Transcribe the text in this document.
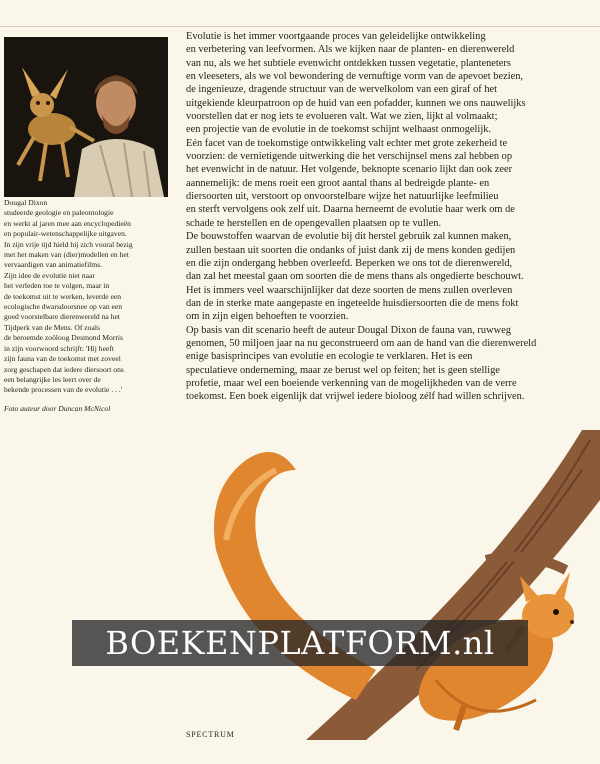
Dougal Dixon

studeerde geologie en paleontologie

en werkt al jaren mee aan encyclopedieën

en populair-wetenschappelijke uitgaven.

In zijn vrije tijd hield hij zich vooral bezig

met het maken van (dier)modellen en het

vervaardigen van animatiefilms.

Zijn idee de evolutie niet naar

het verleden toe te volgen, maar in

de toekomst uit te werken, leverde een

ecologische dwarsdoorsnee op van een

goed voorstelbare dierenwereld na het

Tijdperk van de Mens. Of zoals

de beroemde zoöloog Desmond Morris

in zijn voorwoord schrijft: 'Hij heeft

zijn fauna van de toekomst met zoveel

zorg geschapen dat iedere diersoort ons

een belangrijke les leert over de

bekende processen van de evolutie . . .'

Foto auteur door Duncan McNicol

Evolutie is het immer voortgaande proces van geleidelijke ontwikkeling

en verbetering van leefvormen. Als we kijken naar de planten- en dierenwereld

van nu, als we het subtiele evenwicht ontdekken tussen vegetatie, planteneters

en vleeseters, als we vol bewondering de vernuftige vorm van de apevoet bezien,

de ingenieuze, dragende structuur van de wervelkolom van een giraf of het

uitgekiende kleurpatroon op de huid van een pofadder, kunnen we ons nauwelijks

voorstellen dat er nog iets te evolueren valt. Wat we zien, lijkt al volmaakt;

een projectie van de evolutie in de toekomst schijnt welhaast onmogelijk.

Eén facet van de toekomstige ontwikkeling valt echter met grote zekerheid te

voorzien: de vernietigende uitwerking die het verschijnsel mens zal hebben op

het evenwicht in de natuur. Het volgende, beknopte scenario lijkt dan ook zeer

aannemelijk: de mens roeit een groot aantal thans al bedreigde plante- en

diersoorten uit, verstoort op onvoorstelbare wijze het natuurlijke leefmilieu

en sterft vervolgens ook zelf uit. Daarna herneemt de evolutie haar werk om de

schade te herstellen en de opengevallen plaatsen op te vullen.

De bouwstoffen waarvan de evolutie bij dit herstel gebruik zal kunnen maken,

zullen bestaan uit soorten die ondanks of juist dank zij de mens konden gedijen

en die zijn ondergang hebben overleefd. Beperken we ons tot de dierenwereld,

dan zal het meestal gaan om soorten die de mens thans als ongedierte beschouwt.

Het is immers veel waarschijnlijker dat deze soorten de mens zullen overleven

dan de in sterke mate aangepaste en ingeteelde huisdiersoorten die de mens fokt

om in zijn eigen behoeften te voorzien.

Op basis van dit scenario heeft de auteur Dougal Dixon de fauna van, ruwweg

genomen, 50 miljoen jaar na nu geconstrueerd om aan de hand van die dierenwereld

enige basisprincipes van evolutie en ecologie te verklaren. Het is een

speculatieve onderneming, maar ze berust wel op feiten; het is geen stellige

profetie, maar wel een boeiende verkenning van de mogelijkheden van de verre

toekomst. Een boek eigenlijk dat vrijwel iedere bioloog zélf had willen schrijven.

BOEKENPLATFORM.nl
SPECTRUM
